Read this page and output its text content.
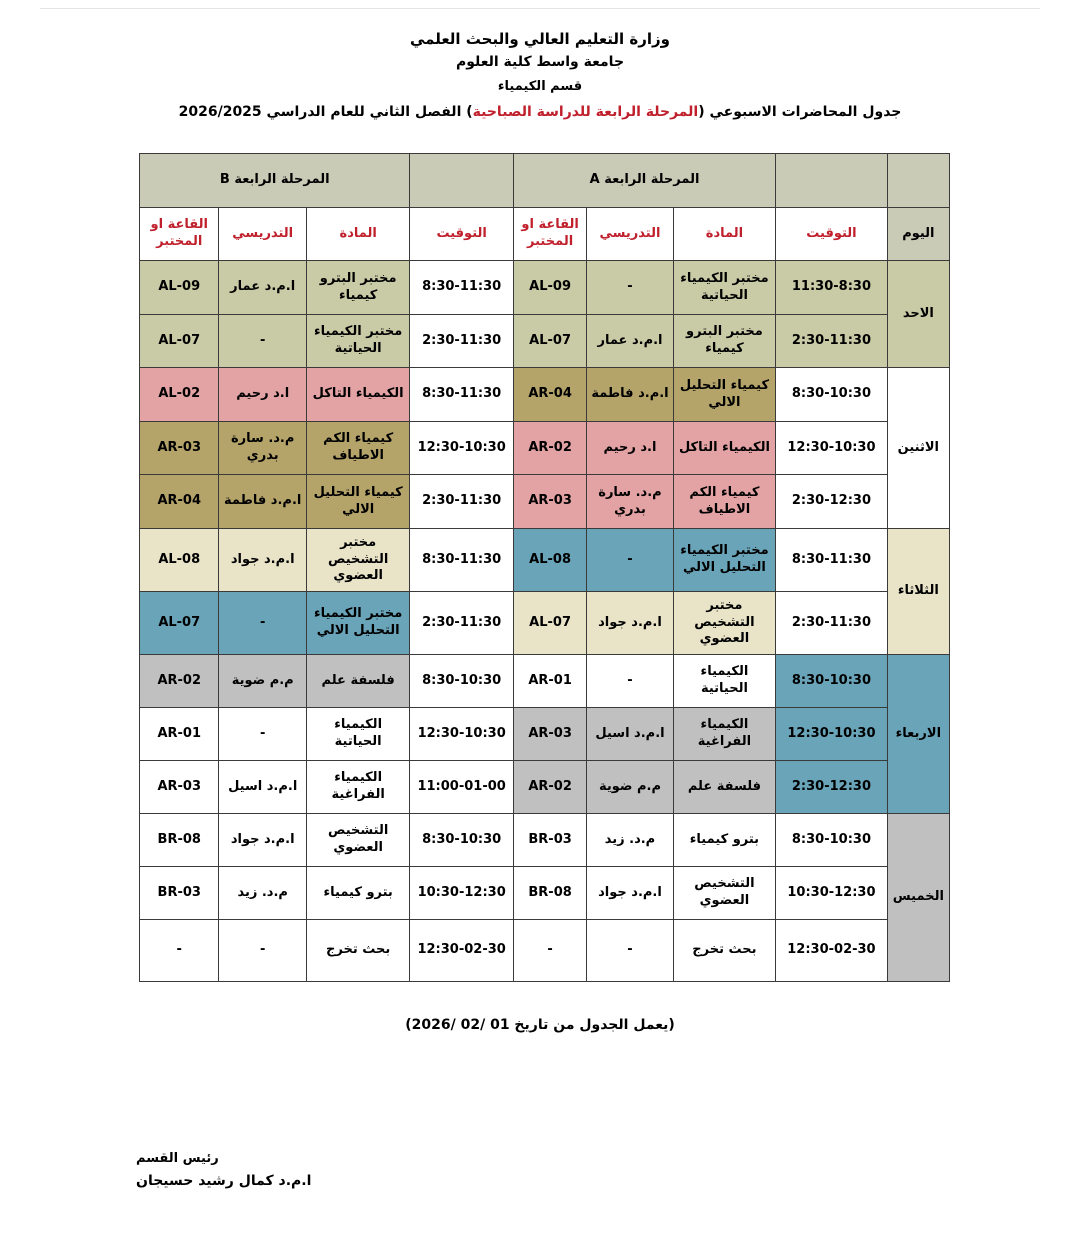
وزارة التعليم العالي والبحث العلمي
جامعة واسط كلية العلوم
قسم الكيمياء
جدول المحاضرات الاسبوعي (المرحلة الرابعة للدراسة الصباحية) الفصل الثاني للعام الدراسي 2026/2025
		المرحلة الرابعة A				المرحلة الرابعة B		
اليوم	التوقيت	المادة	التدريسي	القاعة او المختبر	التوقيت	المادة	التدريسي	القاعة او المختبر
الاحد	11:30-8:30	مختبر الكيمياء الحياتية	-	AL-09	8:30-11:30	مختبر البترو كيمياء	ا.م.د عمار	AL-09
	2:30-11:30	مختبر البترو كيمياء	ا.م.د عمار	AL-07	2:30-11:30	مختبر الكيمياء الحياتية	-	AL-07
الاثنين	8:30-10:30	كيمياء التحليل الالي	ا.م.د فاطمة	AR-04	8:30-11:30	الكيمياء التاكل	ا.د رحيم	AL-02
	12:30-10:30	الكيمياء التاكل	ا.د رحيم	AR-02	12:30-10:30	كيمياء الكم الاطياف	م.د. سارة بدري	AR-03
	2:30-12:30	كيمياء الكم الاطياف	م.د. سارة بدري	AR-03	2:30-11:30	كيمياء التحليل الالي	ا.م.د فاطمة	AR-04
الثلاثاء	8:30-11:30	مختبر الكيمياء التحليل الالي	-	AL-08	8:30-11:30	مختبر التشخيص العضوي	ا.م.د جواد	AL-08
	2:30-11:30	مختبر التشخيص العضوي	ا.م.د جواد	AL-07	2:30-11:30	مختبر الكيمياء التحليل الالي	-	AL-07
الاربعاء	8:30-10:30	الكيمياء الحياتية	-	AR-01	8:30-10:30	فلسفة علم	م.م ضوية	AR-02
	12:30-10:30	الكيمياء الفراغية	ا.م.د اسيل	AR-03	12:30-10:30	الكيمياء الحياتية	-	AR-01
	2:30-12:30	فلسفة علم	م.م ضوية	AR-02	11:00-01-00	الكيمياء الفراغية	ا.م.د اسيل	AR-03
الخميس	8:30-10:30	بترو كيمياء	م.د. زيد	BR-03	8:30-10:30	التشخيص العضوي	ا.م.د جواد	BR-08
	10:30-12:30	التشخيص العضوي	ا.م.د جواد	BR-08	10:30-12:30	بترو كيمياء	م.د. زيد	BR-03
	12:30-02-30	بحث تخرج	-	-	12:30-02-30	بحث تخرج	-	-
(يعمل الجدول من تاريخ 01 /02 /2026)
رئيس القسم
ا.م.د كمال رشيد حسيجان
